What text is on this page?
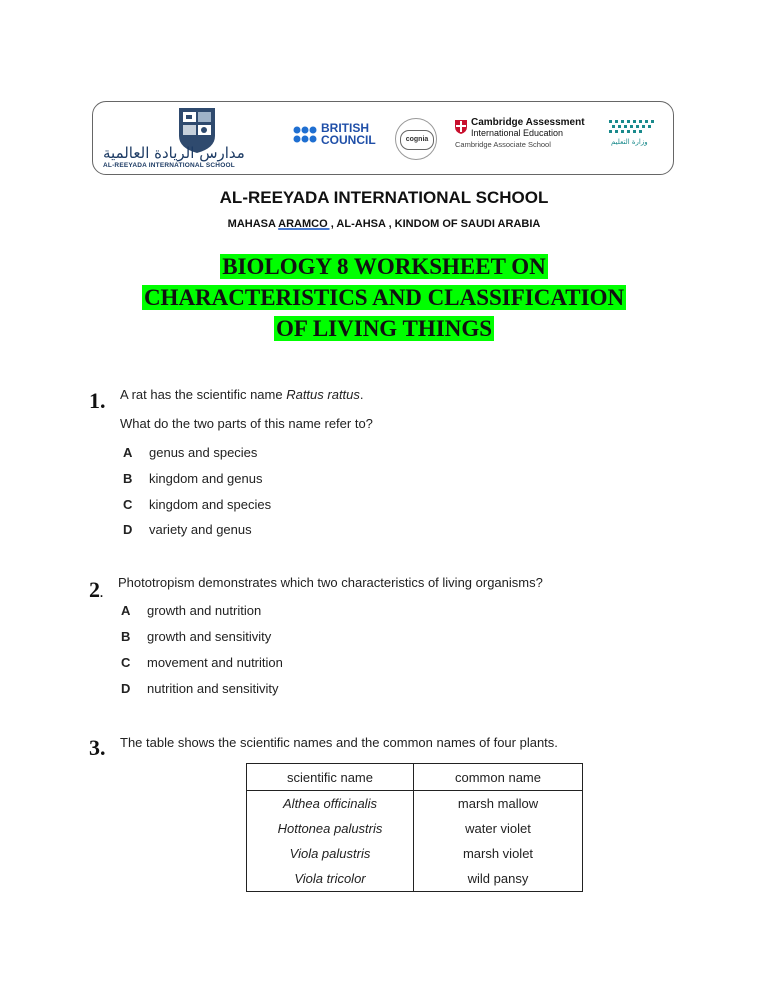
مدارس الريادة العالمية
AL-REEYADA INTERNATIONAL SCHOOL
BRITISH
COUNCIL	cognia
Cambridge Assessment
International Education
Cambridge Associate School	وزارة التعليم
AL-REEYADA INTERNATIONAL SCHOOL
MAHASA ARAMCO , AL-AHSA , KINDOM OF SAUDI ARABIA
BIOLOGY 8 WORKSHEET ON
CHARACTERISTICS AND CLASSIFICATION
OF LIVING THINGS
1. A rat has the scientific name Rattus rattus.
What do the two parts of this name refer to?
A genus and species
B kingdom and genus
C kingdom and species
D variety and genus
2.
Phototropism demonstrates which two characteristics of living organisms?
A growth and nutrition
B growth and sensitivity
C movement and nutrition
D nutrition and sensitivity
3. The table shows the scientific names and the common names of four plants.
scientific name	common name
Althea officinalis	marsh mallow
Hottonea palustris	water violet
Viola palustris	marsh violet
Viola tricolor	wild pansy
